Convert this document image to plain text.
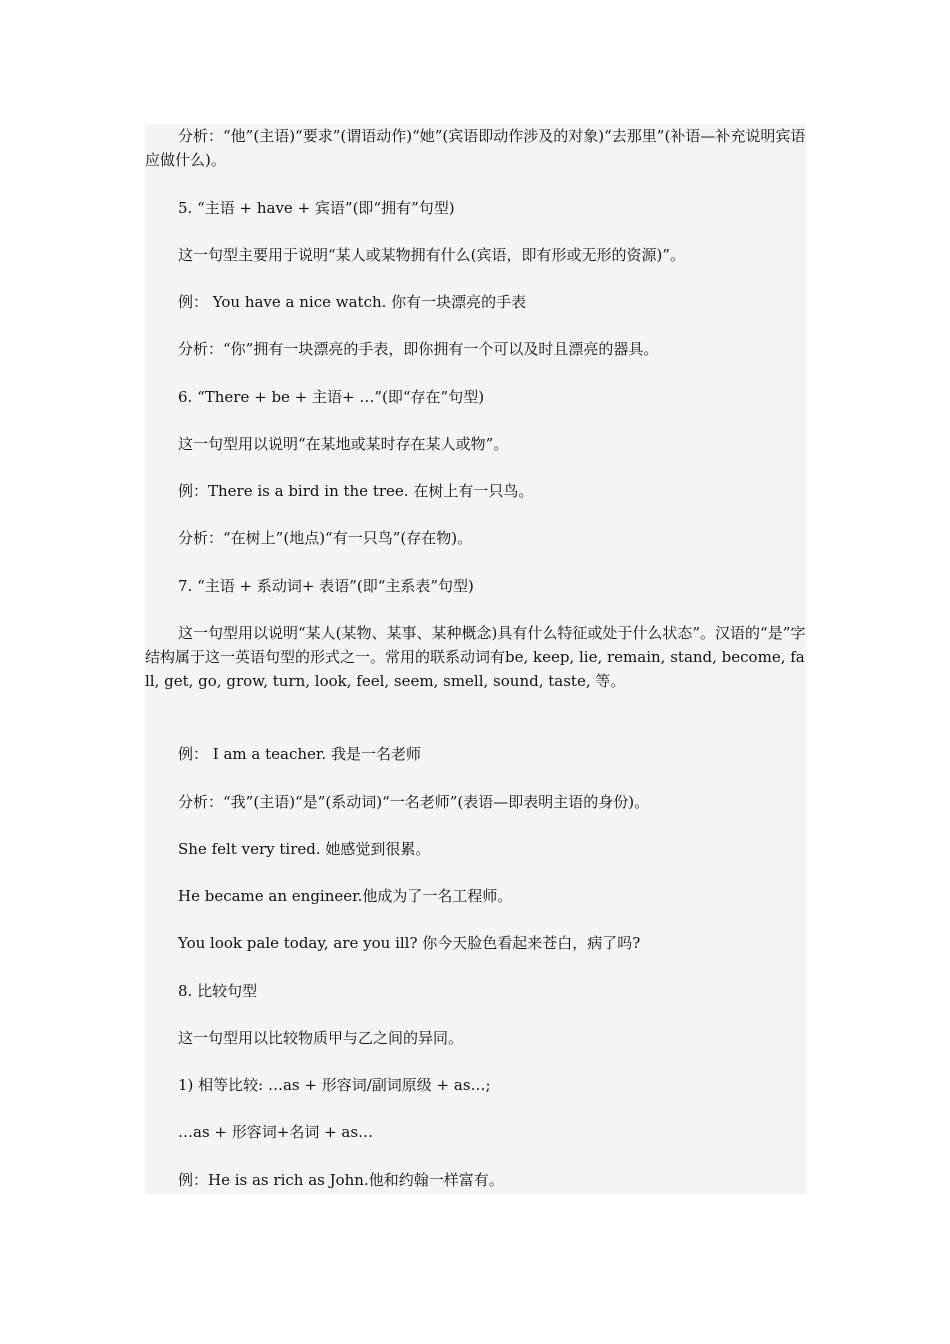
分析：“他”(主语)“要求”(谓语动作)“她”(宾语即动作涉及的对象)“去那里”(补语—补充说明宾语应做什么)。

5. “主语 + have + 宾语”(即“拥有”句型)

这一句型主要用于说明“某人或某物拥有什么(宾语，即有形或无形的资源)”。

例： You have a nice watch. 你有一块漂亮的手表

分析：“你”拥有一块漂亮的手表，即你拥有一个可以及时且漂亮的器具。

6. “There + be + 主语+ …”(即“存在”句型)

这一句型用以说明“在某地或某时存在某人或物”。

例：There is a bird in the tree. 在树上有一只鸟。

分析：“在树上”(地点)“有一只鸟”(存在物)。

7. “主语 + 系动词+ 表语”(即“主系表”句型)

这一句型用以说明“某人(某物、某事、某种概念)具有什么特征或处于什么状态”。汉语的“是”字结构属于这一英语句型的形式之一。常用的联系动词有be, keep, lie, remain, stand, become, fall, get, go, grow, turn, look, feel, seem, smell, sound, taste, 等。

例： I am a teacher. 我是一名老师

分析：“我”(主语)“是”(系动词)“一名老师”(表语—即表明主语的身份)。

She felt very tired. 她感觉到很累。

He became an engineer.他成为了一名工程师。

You look pale today, are you ill? 你今天脸色看起来苍白，病了吗?

8. 比较句型

这一句型用以比较物质甲与乙之间的异同。

1) 相等比较: …as + 形容词/副词原级 + as…;

…as + 形容词+名词 + as…

例：He is as rich as John.他和约翰一样富有。
